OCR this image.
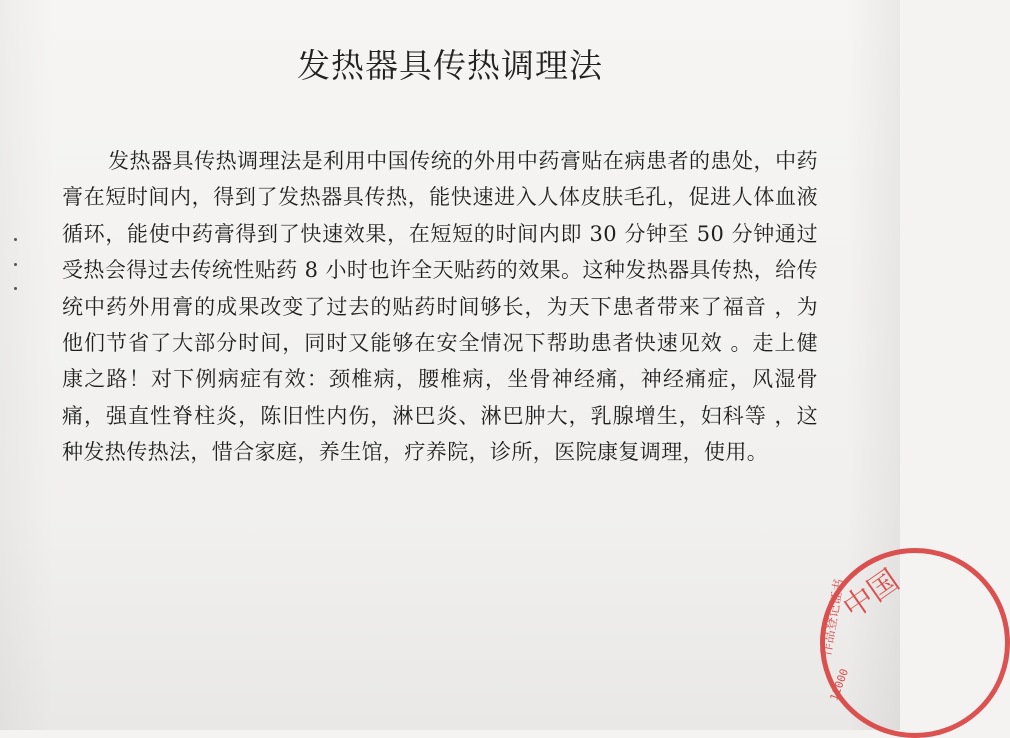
发热器具传热调理法

发热器具传热调理法是利用中国传统的外用中药膏贴在病患者的患处，中药膏在短时间内，得到了发热器具传热，能快速进入人体皮肤毛孔，促进人体血液循环，能使中药膏得到了快速效果，在短短的时间内即 30 分钟至 50 分钟通过受热会得过去传统性贴药 8 小时也许全天贴药的效果。这种发热器具传热，给传统中药外用膏的成果改变了过去的贴药时间够长，为天下患者带来了福音 ，为他们节省了大部分时间，同时又能够在安全情况下帮助患者快速见效 。走上健康之路！对下例病症有效：颈椎病，腰椎病，坐骨神经痛，神经痛症，风湿骨痛，强直性脊柱炎，陈旧性内伤，淋巴炎、淋巴肿大，乳腺增生，妇科等 ，这种发热传热法，惜合家庭，养生馆，疗养院，诊所，医院康复调理，使用。

中国
作品登记证书
11000
